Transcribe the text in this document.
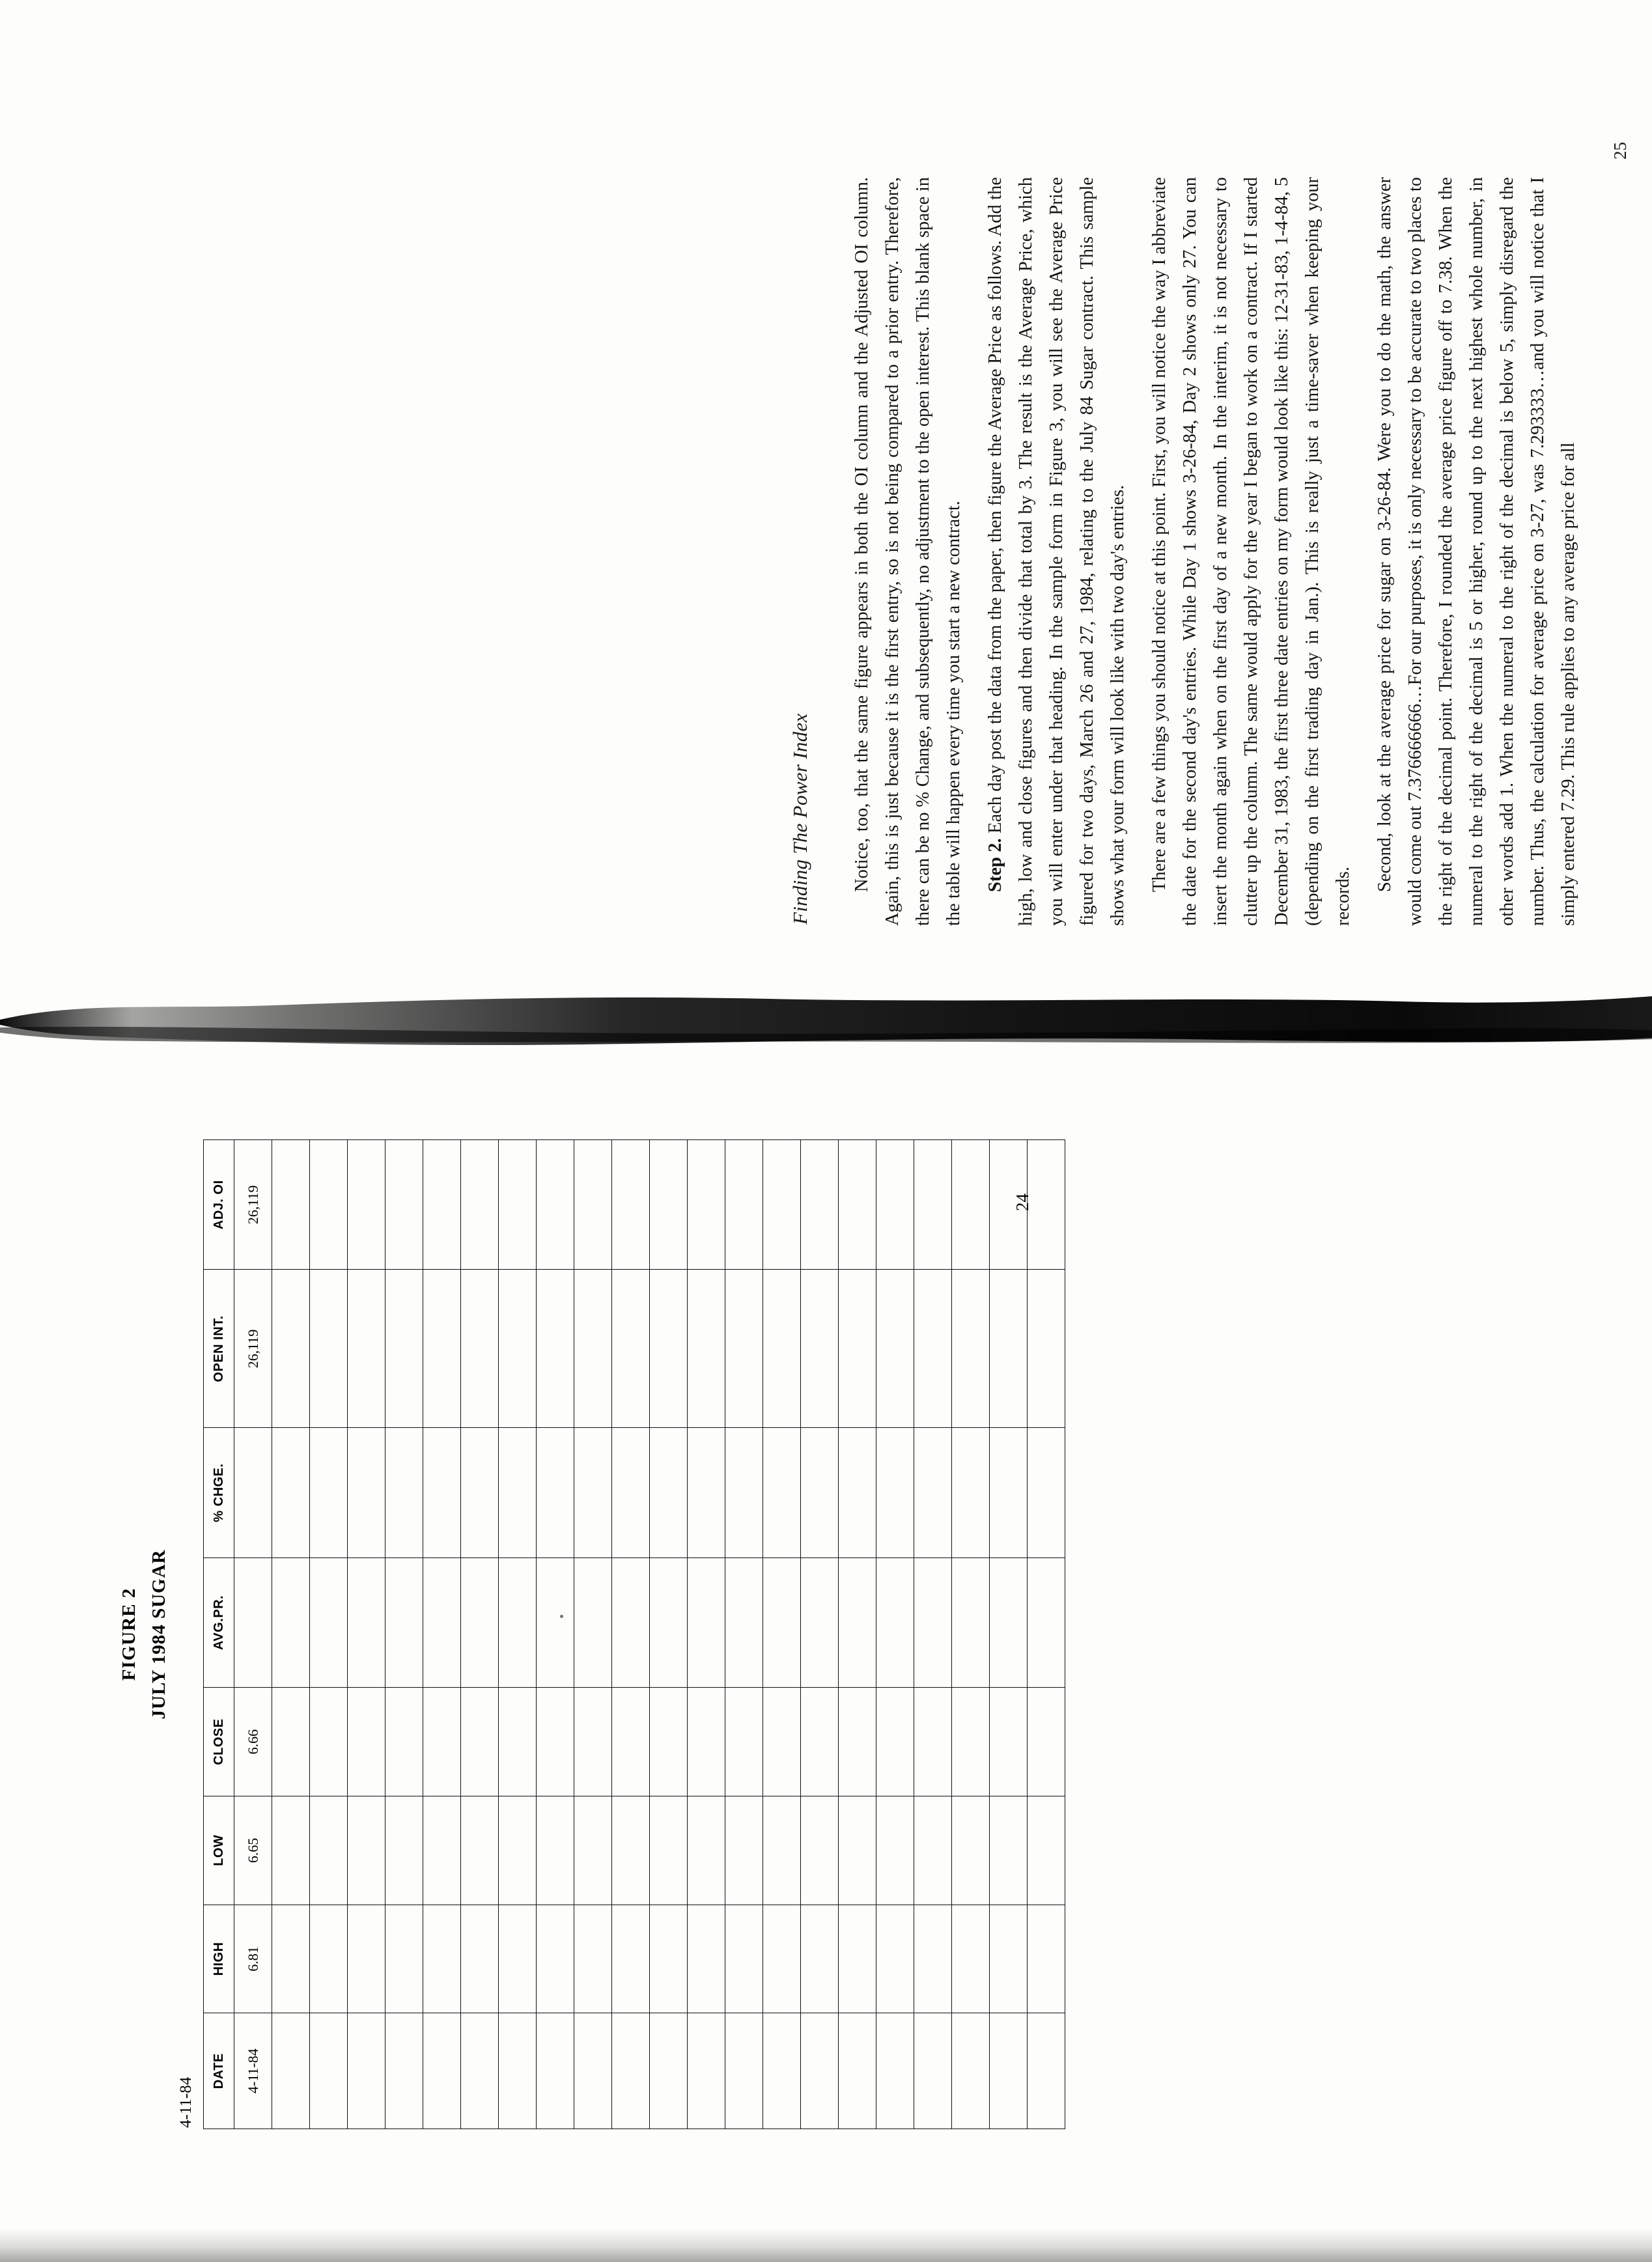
Finding The Power Index Notice, too, that the same figure appears in both the OI column and the Adjusted OI column. Again, this is just because it is the first entry, so is not being compared to a prior entry. Therefore, there can be no % Change, and subsequently, no adjustment to the open interest. This blank space in the table will happen every time you start a new contract. Step 2. Each day post the data from the paper, then figure the Average Price as follows. Add the high, low and close figures and then divide that total by 3. The result is the Average Price, which you will enter under that heading. In the sample form in Figure 3, you will see the Average Price figured for two days, March 26 and 27, 1984, relating to the July 84 Sugar contract. This sample shows what your form will look like with two day's entries. There are a few things you should notice at this point. First, you will notice the way I abbreviate the date for the second day's entries. While Day 1 shows 3-26-84, Day 2 shows only 27. You can insert the month again when on the first day of a new month. In the interim, it is not necessary to clutter up the column. The same would apply for the year I began to work on a contract. If I started December 31, 1983, the first three date entries on my form would look like this: 12-31-83, 1-4-84, 5 (depending on the first trading day in Jan.). This is really just a time-saver when keeping your records.

Second, look at the average price for sugar on 3-26-84. Were you to do the math, the answer would come out 7.376666666…For our purposes, it is only necessary to be accurate to two places to the right of the decimal point. Therefore, I rounded the average price figure off to 7.38. When the numeral to the right of the decimal is 5 or higher, round up to the next highest whole number, in other words add 1. When the numeral to the right of the decimal is below 5, simply disregard the number. Thus, the calculation for average price on 3-27, was 7.293333…and you will notice that I simply entered 7.29. This rule applies to any average price for all

25
FIGURE 2 JULY 1984 SUGAR
4-11-84
DATE	HIGH	LOW	CLOSE	AVG.PR.	% CHGE.	OPEN INT.	ADJ. OI
4-11-84	6.81	6.65	6.66			26,119	26,119

								24
